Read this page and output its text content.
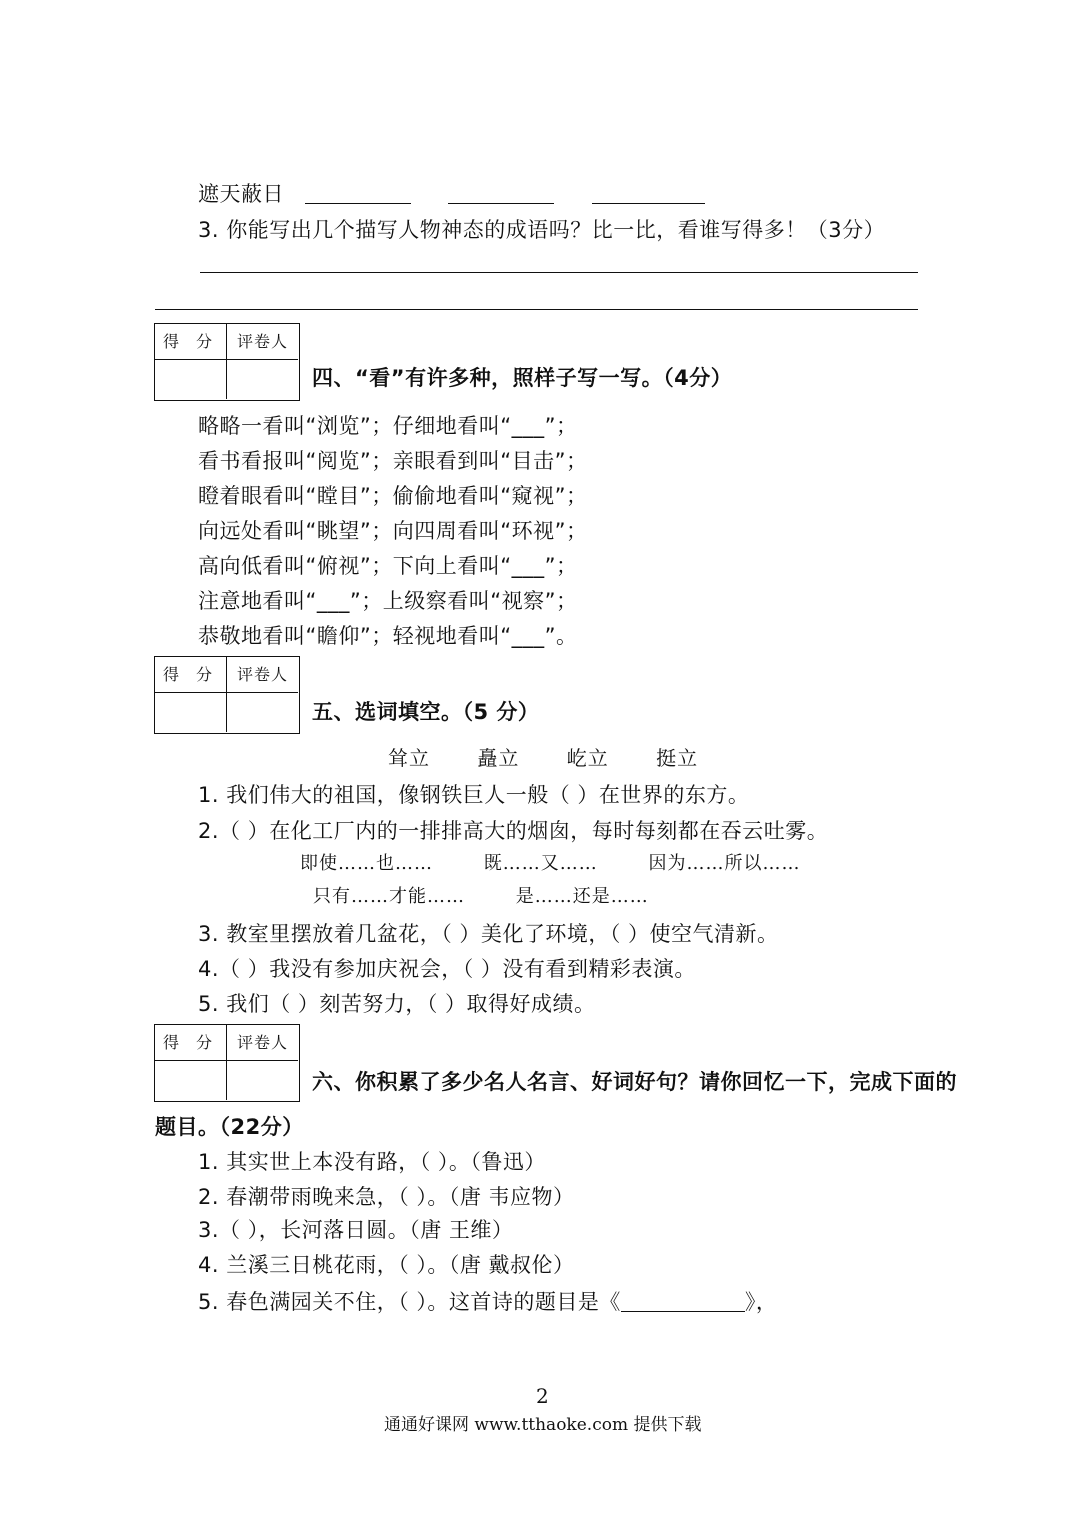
遮天蔽日
3. 你能写出几个描写人物神态的成语吗？比一比，看谁写得多！（3分）
得 分	评卷人
四、“看”有许多种，照样子写一写。（4分）
略略一看叫“浏览”；仔细地看叫“___”；
看书看报叫“阅览”；亲眼看到叫“目击”；
瞪着眼看叫“瞠目”；偷偷地看叫“窥视”；
向远处看叫“眺望”；向四周看叫“环视”；
高向低看叫“俯视”；下向上看叫“___”；
注意地看叫“___”；上级察看叫“视察”；
恭敬地看叫“瞻仰”；轻视地看叫“___”。
得 分	评卷人
五、选词填空。（5 分）
耸立 矗立 屹立 挺立
1. 我们伟大的祖国，像钢铁巨人一般（ ）在世界的东方。
2.（ ）在化工厂内的一排排高大的烟囱，每时每刻都在吞云吐雾。
即使……也……	既……又……	因为……所以……
只有……才能……	是……还是……
3. 教室里摆放着几盆花，（ ）美化了环境，（ ）使空气清新。
4.（ ）我没有参加庆祝会，（ ）没有看到精彩表演。
5. 我们（ ）刻苦努力，（ ）取得好成绩。
得 分	评卷人
六、你积累了多少名人名言、好词好句？请你回忆一下，完成下面的
题目。（22分）
1. 其实世上本没有路，（ ）。（鲁迅）
2. 春潮带雨晚来急，（ ）。（唐 韦应物）
3.（ ），长河落日圆。（唐 王维）
4. 兰溪三日桃花雨，（ ）。（唐 戴叔伦）
5. 春色满园关不住，（ ）。这首诗的题目是《	》，
2
通通好课网 www.tthaoke.com 提供下载
